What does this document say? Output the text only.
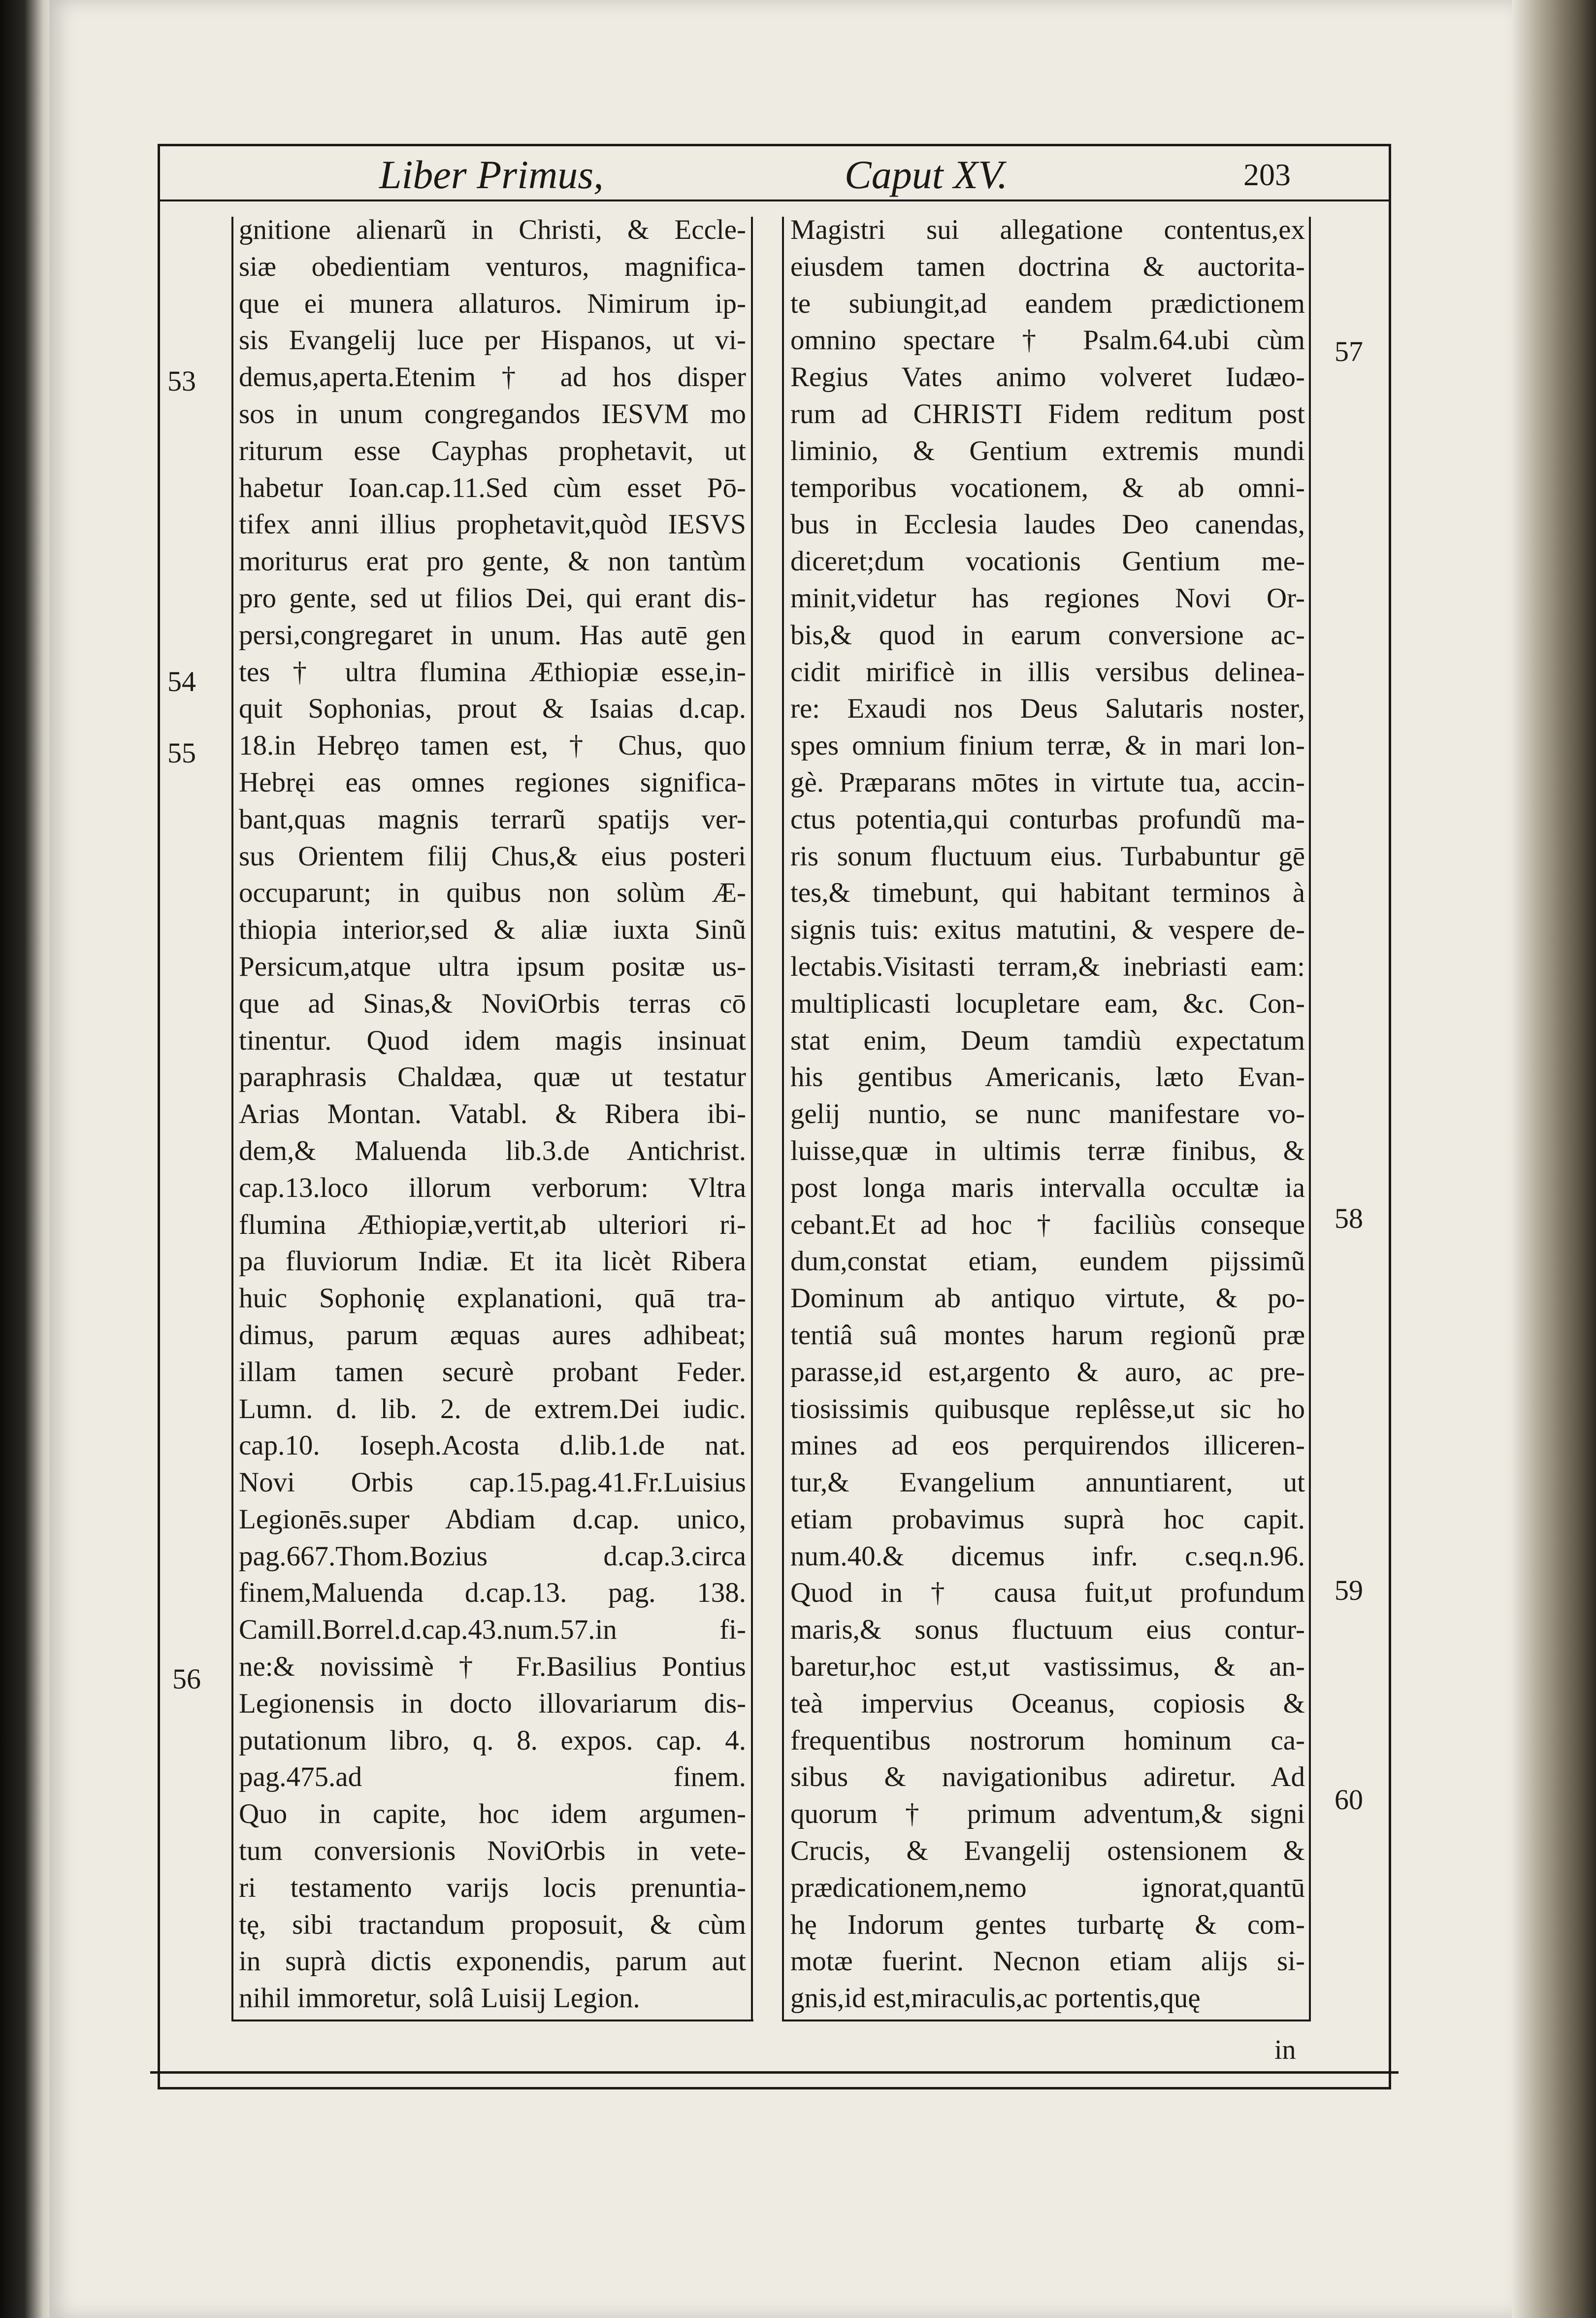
Liber Primus,	Caput XV.	203
gnitione alienarũ in Christi, & Eccle-
siæ obedientiam venturos, magnifica-
que ei munera allaturos. Nimirum ip-
sis Evangelij luce per Hispanos, ut vi-
demus,aperta.Etenim † ad hos disper
sos in unum congregandos IESVM mo
riturum esse Cayphas prophetavit, ut
habetur Ioan.cap.11.Sed cùm esset Pō-
tifex anni illius prophetavit,quòd IESVS
moriturus erat pro gente, & non tantùm
pro gente, sed ut filios Dei, qui erant dis-
persi,congregaret in unum. Has autē gen
tes † ultra flumina Æthiopiæ esse,in-
quit Sophonias, prout & Isaias d.cap.
18.in Hebręo tamen est, † Chus, quo
Hebręi eas omnes regiones significa-
bant,quas magnis terrarũ spatijs ver-
sus Orientem filij Chus,& eius posteri
occuparunt; in quibus non solùm Æ-
thiopia interior,sed & aliæ iuxta Sinũ
Persicum,atque ultra ipsum positæ us-
que ad Sinas,& NoviOrbis terras cō
tinentur. Quod idem magis insinuat
paraphrasis Chaldæa, quæ ut testatur
Arias Montan. Vatabl. & Ribera ibi-
dem,& Maluenda lib.3.de Antichrist.
cap.13.loco illorum verborum: Vltra
flumina Æthiopiæ,vertit,ab ulteriori ri-
pa fluviorum Indiæ. Et ita licèt Ribera
huic Sophonię explanationi, quā tra-
dimus, parum æquas aures adhibeat;
illam tamen securè probant Feder.
Lumn. d. lib. 2. de extrem.Dei iudic.
cap.10. Ioseph.Acosta d.lib.1.de nat.
Novi Orbis cap.15.pag.41.Fr.Luisius
Legionēs.super Abdiam d.cap. unico,
pag.667.Thom.Bozius d.cap.3.circa
finem,Maluenda d.cap.13. pag. 138.
Camill.Borrel.d.cap.43.num.57.in fi-
ne:& novissimè † Fr.Basilius Pontius
Legionensis in docto illovariarum dis-
putationum libro, q. 8. expos. cap. 4.
pag.475.ad finem.
Quo in capite, hoc idem argumen-
tum conversionis NoviOrbis in vete-
ri testamento varijs locis prenuntia-
tę, sibi tractandum proposuit, & cùm
in suprà dictis exponendis, parum aut
nihil immoretur, solâ Luisij Legion.
Magistri sui allegatione contentus,ex
eiusdem tamen doctrina & auctorita-
te subiungit,ad eandem prædictionem
omnino spectare † Psalm.64.ubi cùm
Regius Vates animo volveret Iudæo-
rum ad CHRISTI Fidem reditum post
liminio, & Gentium extremis mundi
temporibus vocationem, & ab omni-
bus in Ecclesia laudes Deo canendas,
diceret;dum vocationis Gentium me-
minit,videtur has regiones Novi Or-
bis,& quod in earum conversione ac-
cidit mirificè in illis versibus delinea-
re: Exaudi nos Deus Salutaris noster,
spes omnium finium terræ, & in mari lon-
gè. Præparans mōtes in virtute tua, accin-
ctus potentia,qui conturbas profundũ ma-
ris sonum fluctuum eius. Turbabuntur gē
tes,& timebunt, qui habitant terminos à
signis tuis: exitus matutini, & vespere de-
lectabis.Visitasti terram,& inebriasti eam:
multiplicasti locupletare eam, &c. Con-
stat enim, Deum tamdiù expectatum
his gentibus Americanis, læto Evan-
gelij nuntio, se nunc manifestare vo-
luisse,quæ in ultimis terræ finibus, &
post longa maris intervalla occultæ ia
cebant.Et ad hoc † faciliùs conseque
dum,constat etiam, eundem pijssimũ
Dominum ab antiquo virtute, & po-
tentiâ suâ montes harum regionũ præ
parasse,id est,argento & auro, ac pre-
tiosissimis quibusque replêsse,ut sic ho
mines ad eos perquirendos illiceren-
tur,& Evangelium annuntiarent, ut
etiam probavimus suprà hoc capit.
num.40.& dicemus infr. c.seq.n.96.
Quod in † causa fuit,ut profundum
maris,& sonus fluctuum eius contur-
baretur,hoc est,ut vastissimus, & an-
teà impervius Oceanus, copiosis &
frequentibus nostrorum hominum ca-
sibus & navigationibus adiretur. Ad
quorum † primum adventum,& signi
Crucis, & Evangelij ostensionem &
prædicationem,nemo ignorat,quantū
hę Indorum gentes turbartę & com-
motæ fuerint. Necnon etiam alijs si-
gnis,id est,miraculis,ac portentis,quę
53
54
55
56
57
58
59
60
in
